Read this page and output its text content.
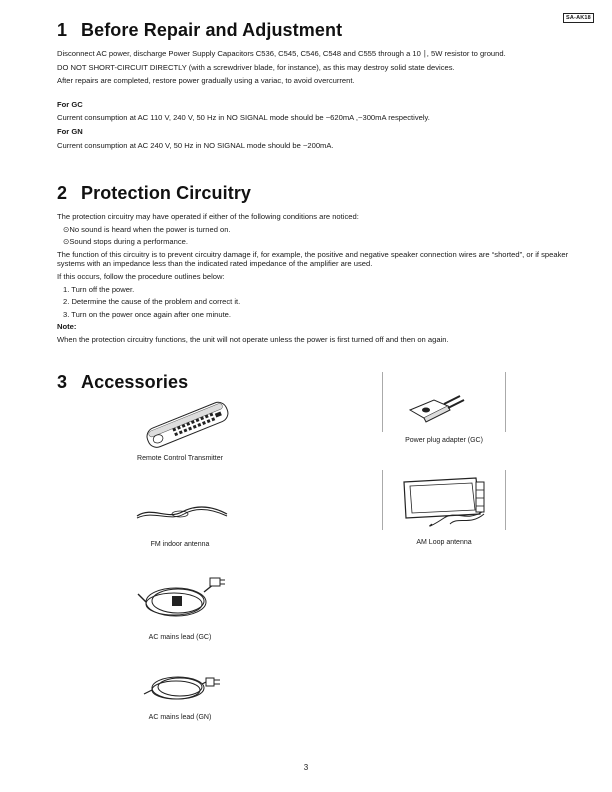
SA-AK18
1 Before Repair and Adjustment

Disconnect AC power, discharge Power Supply Capacitors C536, C545, C546, C548 and C555 through a 10 ∣, 5W resistor to ground.

DO NOT SHORT-CIRCUIT DIRECTLY (with a screwdriver blade, for instance), as this may destroy solid state devices.

After repairs are completed, restore power gradually using a variac, to avoid overcurrent.

For GC

Current consumption at AC 110 V, 240 V, 50 Hz in NO SIGNAL mode should be ~620mA ,~300mA respectively.

For GN

Current consumption at AC 240 V, 50 Hz in NO SIGNAL mode should be ~200mA.

2 Protection Circuitry

The protection circuitry may have operated if either of the following conditions are noticed:

⊙No sound is heard when the power is turned on.

⊙Sound stops during a performance.

The function of this circuitry is to prevent circuitry damage if, for example, the positive and negative speaker connection wires are “shorted”, or if speaker systems with an impedance less than the indicated rated impedance of the amplifier are used.

If this occurs, follow the procedure outlines below:

1. Turn off the power.

2. Determine the cause of the problem and correct it.

3. Turn on the power once again after one minute.

Note:

When the protection circuitry functions, the unit will not operate unless the power is first turned off and then on again.

3 Accessories
Remote Control Transmitter
FM indoor antenna
AC mains lead (GC)
AC mains lead (GN)
Power plug adapter (GC)
AM Loop antenna
3
